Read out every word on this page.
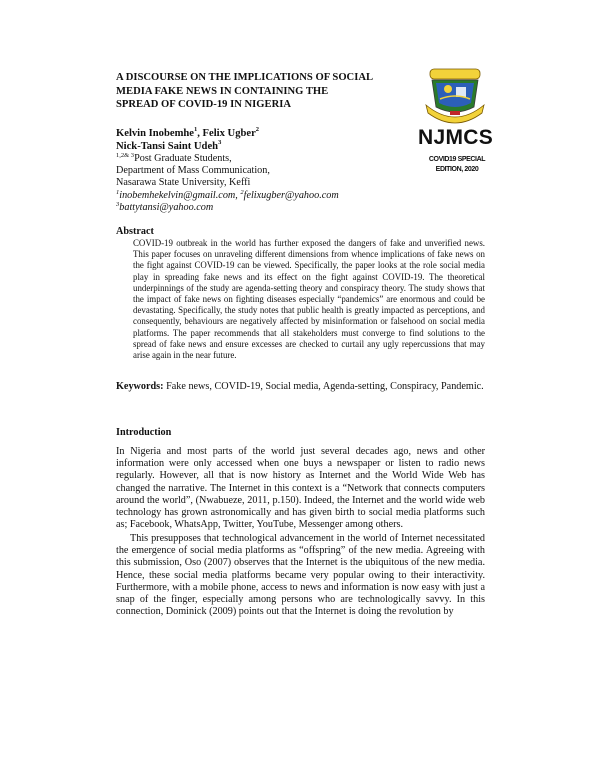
A DISCOURSE ON THE IMPLICATIONS OF SOCIAL
MEDIA FAKE NEWS IN CONTAINING THE
SPREAD OF COVID-19 IN NIGERIA
NJMCS
COVID19 SPECIAL
EDITION, 2020
Kelvin Inobemhe$^1$, Felix Ugber$^2$
Nick-Tansi Saint Udeh$^3$
$^{1,2\& 3}$Post Graduate Students,
Department of Mass Communication,
Nasarawa State University, Keffi
$^1$inobemhekelvin@gmail.com, $^2$felixugber@yahoo.com
$^3$battytansi@yahoo.com
Abstract
COVID-19 outbreak in the world has further exposed the dangers of fake and unverified news. This paper focuses on unraveling different dimensions from whence implications of fake news on the fight against COVID-19 can be viewed. Specifically, the paper looks at the role social media play in spreading fake news and its effect on the fight against COVID-19. The theoretical underpinnings of the study are agenda-setting theory and conspiracy theory. The study shows that the impact of fake news on fighting diseases especially “pandemics” are enormous and could be devastating. Specifically, the study notes that public health is greatly impacted as perceptions, and consequently, behaviours are negatively affected by misinformation or falsehood on social media platforms. The paper recommends that all stakeholders must converge to find solutions to the spread of fake news and ensure excesses are checked to curtail any ugly repercussions that may arise again in the near future.
Keywords: Fake news, COVID-19, Social media, Agenda-setting, Conspiracy, Pandemic.
Introduction
In Nigeria and most parts of the world just several decades ago, news and other information were only accessed when one buys a newspaper or listen to radio news regularly. However, all that is now history as Internet and the World Wide Web has changed the narrative. The Internet in this context is a “Network that connects computers around the world”, (Nwabueze, 2011, p.150). Indeed, the Internet and the world wide web technology has grown astronomically and has given birth to social media platforms such as; Facebook, WhatsApp, Twitter, YouTube, Messenger among others.
This presupposes that technological advancement in the world of Internet necessitated the emergence of social media platforms as “offspring” of the new media. Agreeing with this submission, Oso (2007) observes that the Internet is the ubiquitous of the new media. Hence, these social media platforms became very popular owing to their interactivity. Furthermore, with a mobile phone, access to news and information is now easy with just a snap of the finger, especially among persons who are technologically savvy. In this connection, Dominick (2009) points out that the Internet is doing the revolution by
